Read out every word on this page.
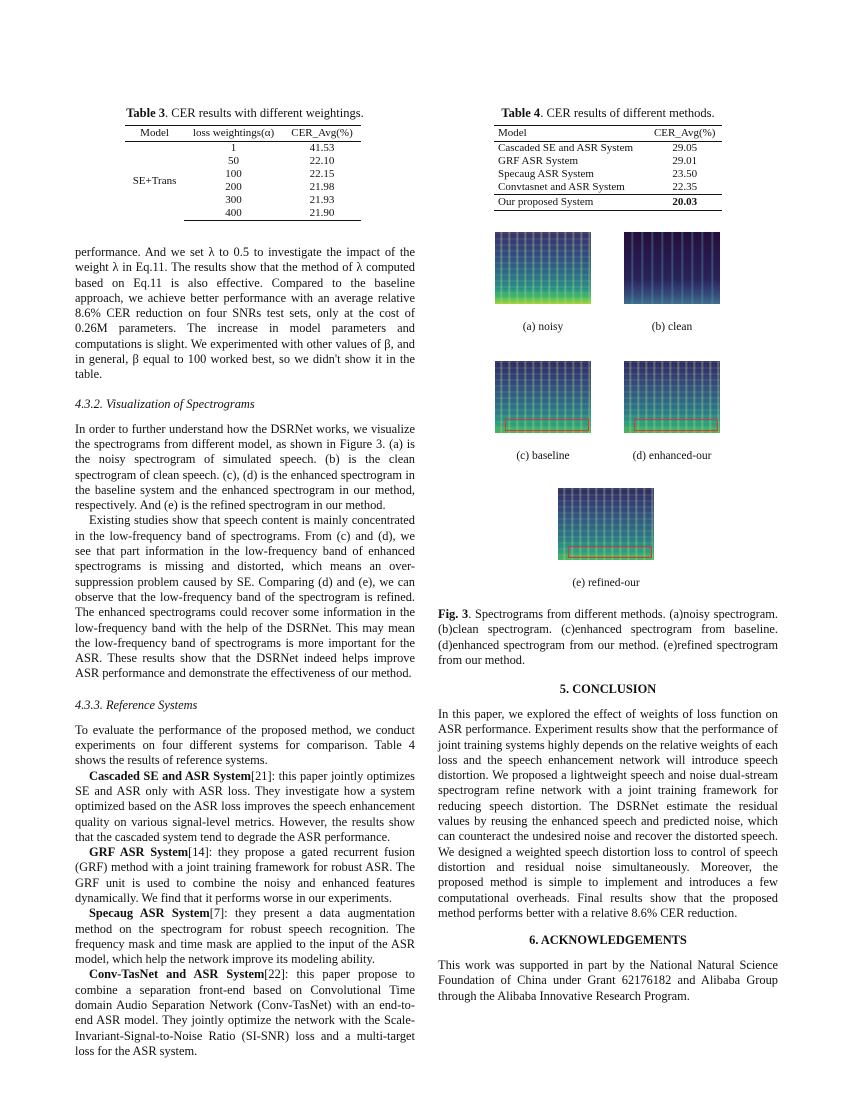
Table 3. CER results with different weightings.
Model	loss weightings(α)	CER_Avg(%)
SE+Trans	1	41.53
	50	22.10
	100	22.15
	200	21.98
	300	21.93
	400	21.90

performance. And we set λ to 0.5 to investigate the impact of the weight λ in Eq.11. The results show that the method of λ computed based on Eq.11 is also effective. Compared to the baseline approach, we achieve better performance with an average relative 8.6% CER reduction on four SNRs test sets, only at the cost of 0.26M parameters. The increase in model parameters and computations is slight. We experimented with other values of β, and in general, β equal to 100 worked best, so we didn't show it in the table.

4.3.2. Visualization of Spectrograms

In order to further understand how the DSRNet works, we visualize the spectrograms from different model, as shown in Figure 3. (a) is the noisy spectrogram of simulated speech. (b) is the clean spectrogram of clean speech. (c), (d) is the enhanced spectrogram in the baseline system and the enhanced spectrogram in our method, respectively. And (e) is the refined spectrogram in our method.

Existing studies show that speech content is mainly concentrated in the low-frequency band of spectrograms. From (c) and (d), we see that part information in the low-frequency band of enhanced spectrograms is missing and distorted, which means an over-suppression problem caused by SE. Comparing (d) and (e), we can observe that the low-frequency band of the spectrogram is refined. The enhanced spectrograms could recover some information in the low-frequency band with the help of the DSRNet. This may mean the low-frequency band of spectrograms is more important for the ASR. These results show that the DSRNet indeed helps improve ASR performance and demonstrate the effectiveness of our method.

4.3.3. Reference Systems

To evaluate the performance of the proposed method, we conduct experiments on four different systems for comparison. Table 4 shows the results of reference systems.

Cascaded SE and ASR System[21]: this paper jointly optimizes SE and ASR only with ASR loss. They investigate how a system optimized based on the ASR loss improves the speech enhancement quality on various signal-level metrics. However, the results show that the cascaded system tend to degrade the ASR performance.

GRF ASR System[14]: they propose a gated recurrent fusion (GRF) method with a joint training framework for robust ASR. The GRF unit is used to combine the noisy and enhanced features dynamically. We find that it performs worse in our experiments.

Specaug ASR System[7]: they present a data augmentation method on the spectrogram for robust speech recognition. The frequency mask and time mask are applied to the input of the ASR model, which help the network improve its modeling ability.

Conv-TasNet and ASR System[22]: this paper propose to combine a separation front-end based on Convolutional Time domain Audio Separation Network (Conv-TasNet) with an end-to-end ASR model. They jointly optimize the network with the Scale-Invariant-Signal-to-Noise Ratio (SI-SNR) loss and a multi-target loss for the ASR system.

Table 4. CER results of different methods.
Model	CER_Avg(%)
Cascaded SE and ASR System	29.05
GRF ASR System	29.01
Specaug ASR System	23.50
Convtasnet and ASR System	22.35
Our proposed System	20.03
(a) noisy	(b) clean
(c) baseline	(d) enhanced-our
(e) refined-our
Fig. 3. Spectrograms from different methods. (a)noisy spectrogram. (b)clean spectrogram. (c)enhanced spectrogram from baseline. (d)enhanced spectrogram from our method. (e)refined spectrogram from our method.
5. CONCLUSION

In this paper, we explored the effect of weights of loss function on ASR performance. Experiment results show that the performance of joint training systems highly depends on the relative weights of each loss and the speech enhancement network will introduce speech distortion. We proposed a lightweight speech and noise dual-stream spectrogram refine network with a joint training framework for reducing speech distortion. The DSRNet estimate the residual values by reusing the enhanced speech and predicted noise, which can counteract the undesired noise and recover the distorted speech. We designed a weighted speech distortion loss to control of speech distortion and residual noise simultaneously. Moreover, the proposed method is simple to implement and introduces a few computational overheads. Final results show that the proposed method performs better with a relative 8.6% CER reduction.

6. ACKNOWLEDGEMENTS

This work was supported in part by the National Natural Science Foundation of China under Grant 62176182 and Alibaba Group through the Alibaba Innovative Research Program.
